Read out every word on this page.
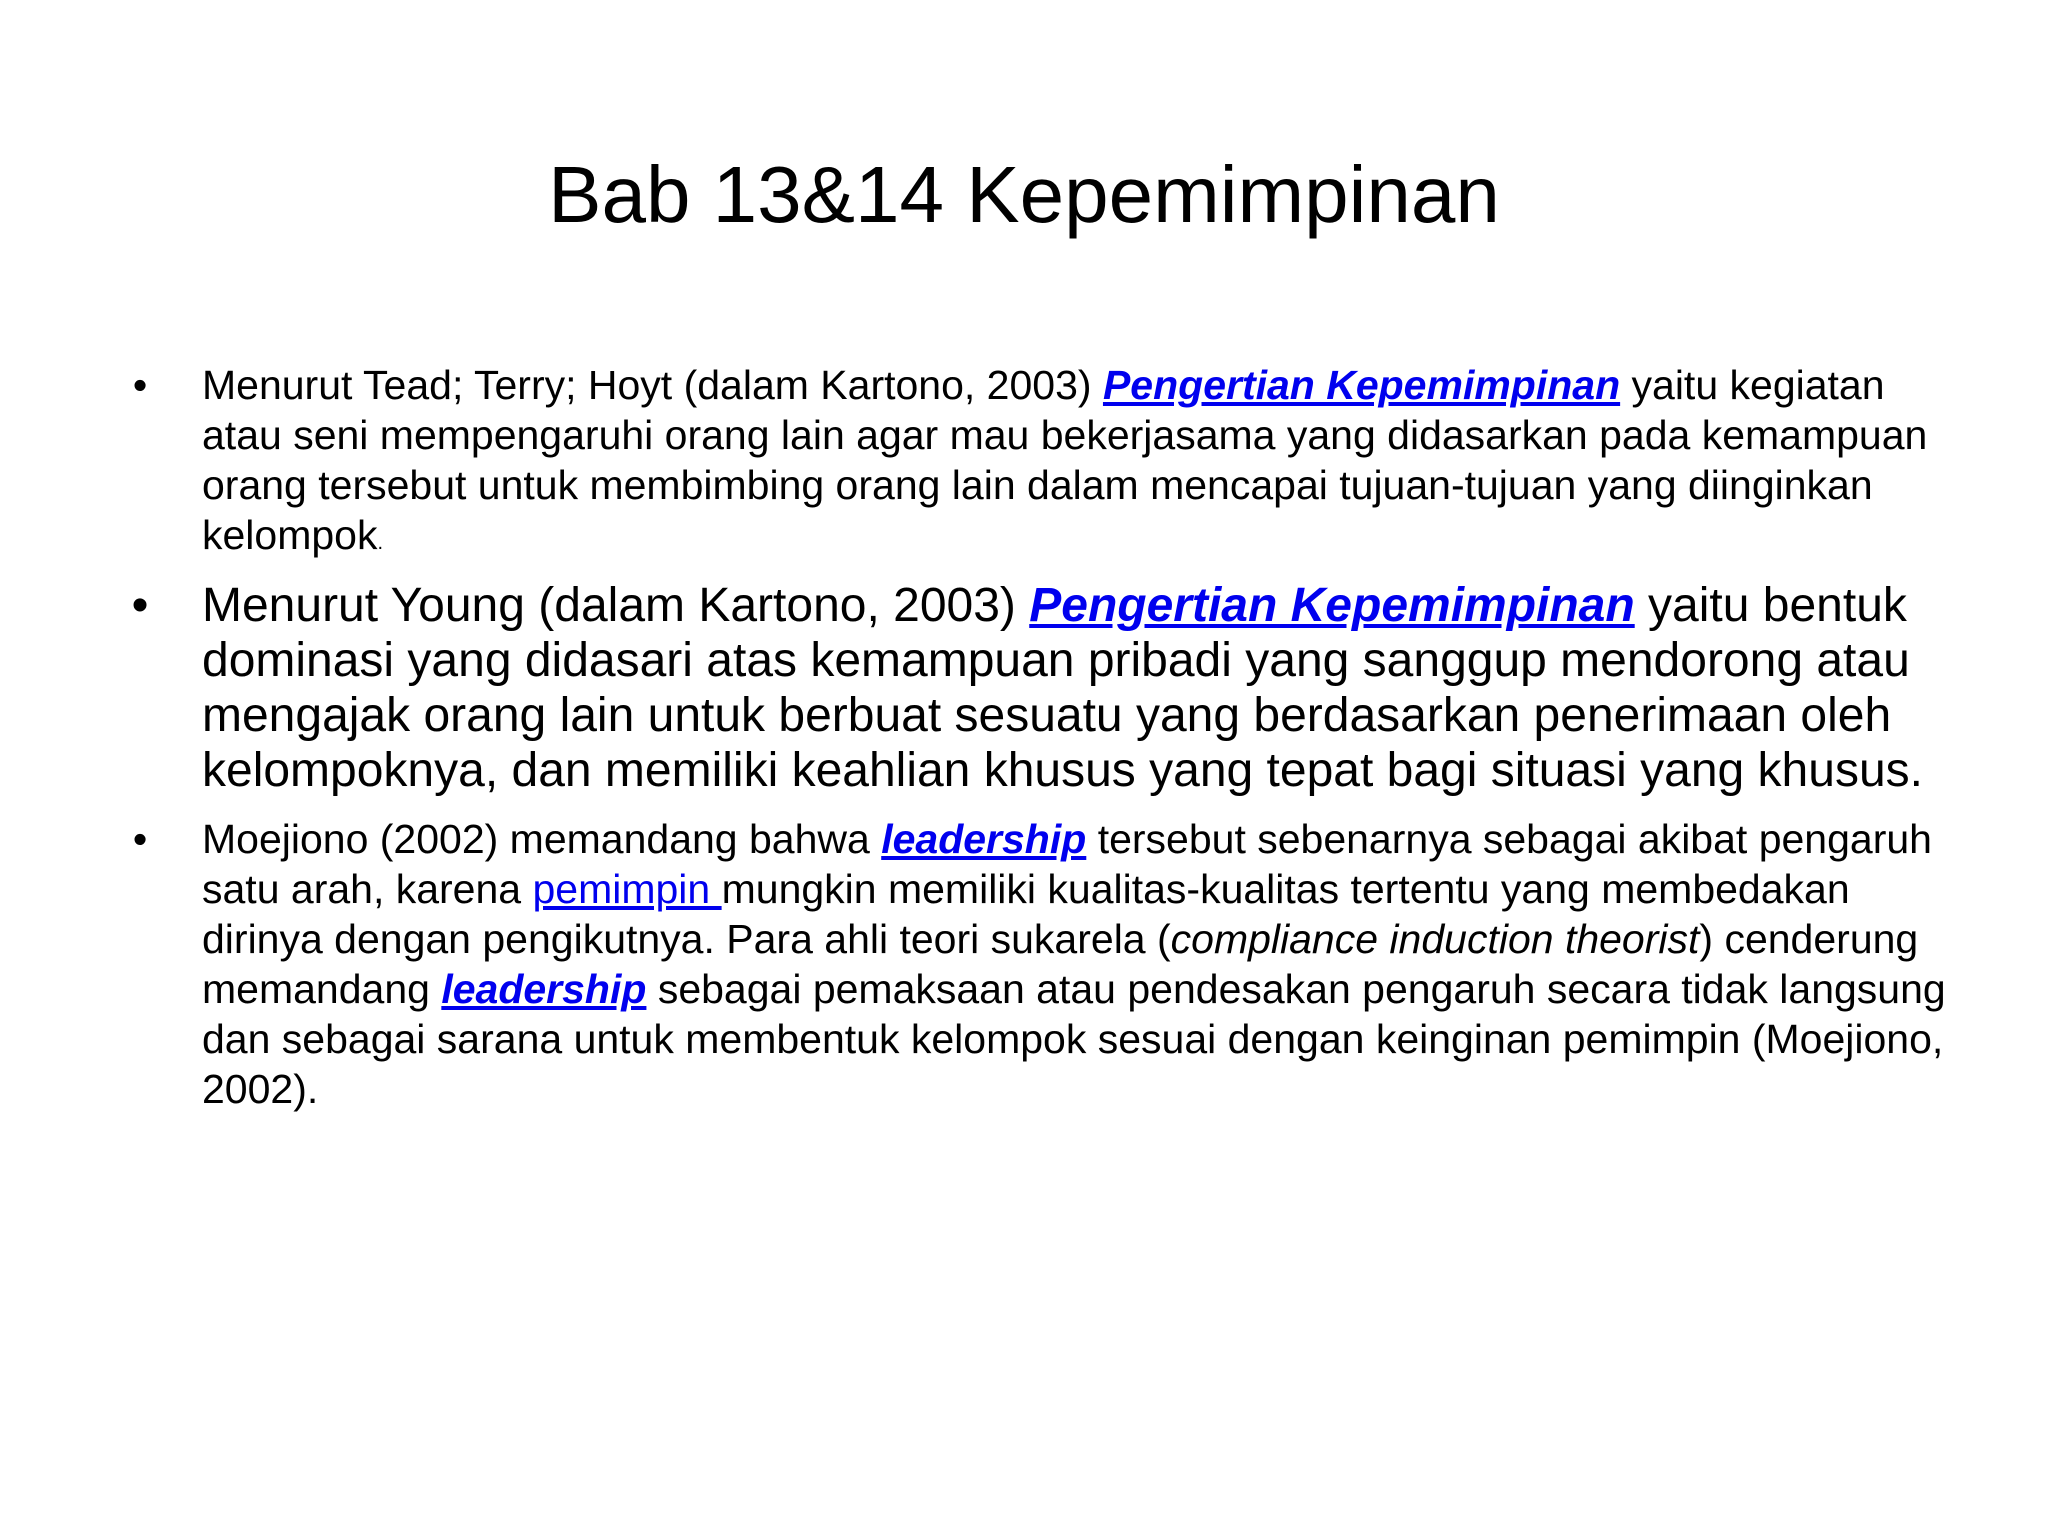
Bab 13&14 Kepemimpinan

•	Menurut Tead; Terry; Hoyt (dalam Kartono, 2003) Pengertian Kepemimpinan yaitu kegiatan atau seni mempengaruhi orang lain agar mau bekerjasama yang didasarkan pada kemampuan orang tersebut untuk membimbing orang lain dalam mencapai tujuan-tujuan yang diinginkan kelompok.

• Menurut Young (dalam Kartono, 2003) Pengertian Kepemimpinan yaitu bentuk dominasi yang didasari atas kemampuan pribadi yang sanggup mendorong atau mengajak orang lain untuk berbuat sesuatu yang berdasarkan penerimaan oleh kelompoknya, dan memiliki keahlian khusus yang tepat bagi situasi yang khusus.

•	Moejiono (2002) memandang bahwa leadership tersebut sebenarnya sebagai akibat pengaruh satu arah, karena pemimpin mungkin memiliki kualitas-kualitas tertentu yang membedakan dirinya dengan pengikutnya. Para ahli teori sukarela (compliance induction theorist) cenderung memandang leadership sebagai pemaksaan atau pendesakan pengaruh secara tidak langsung dan sebagai sarana untuk membentuk kelompok sesuai dengan keinginan pemimpin (Moejiono, 2002).
